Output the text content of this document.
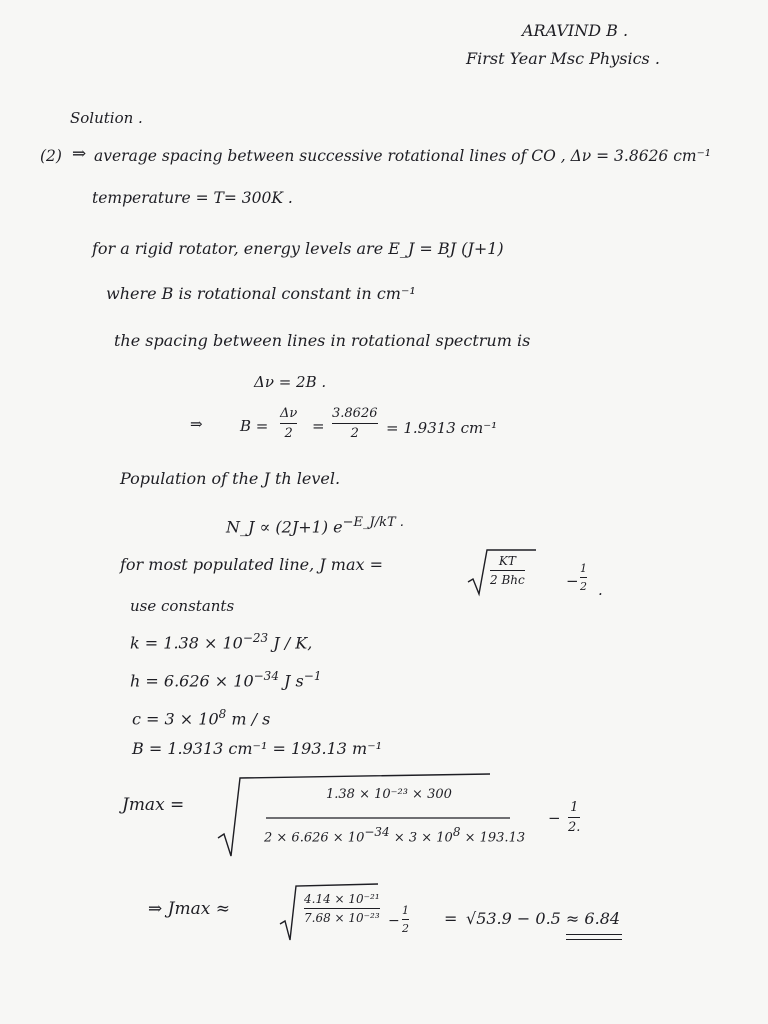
ARAVIND B .
First Year Msc Physics .
Solution .
(2) ⇒ average spacing between successive rotational lines of CO , Δν = 3.8626 cm⁻¹
temperature = T= 300K .
for a rigid rotator, energy levels are E_J = BJ (J+1)
where B is rotational constant in cm⁻¹
the spacing between lines in rotational spectrum is
Δν = 2B .
⇒ B =
Δν
2	=
3.8626
2	= 1.9313 cm⁻¹
Population of the J th level.
N_J ∝ (2J+1) $e^{-E\_J/kT .}$
for most populated line, J max =	KT
2 Bhc	−
1
2 .
use constants
$k = 1.38 \times 10^{-23}$ J / K,
$h = 6.626 \times 10^{-34}$ J $s^{-1}$
$c = 3 \times 10^8$ m / s
B = 1.9313 cm⁻¹ = 193.13 m⁻¹
Jmax =
1.38 × 10⁻²³ × 300
2 × 6.626 × 10−34 × 3 × 108 × 193.13
−
1
2.
⇒ Jmax ≈	4.14 × 10⁻²¹
7.68 × 10⁻²³ −
1
2
= √53.9 − 0.5 ≈ 6.84
